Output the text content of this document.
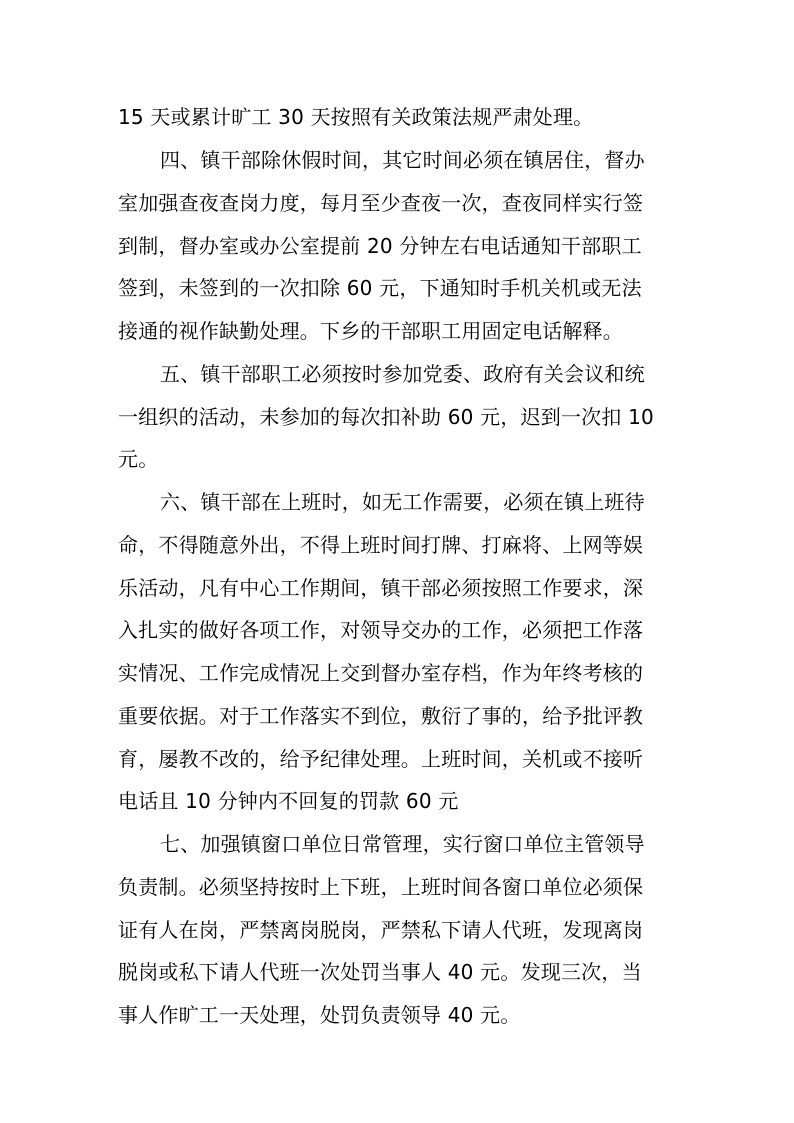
15 天或累计旷工 30 天按照有关政策法规严肃处理。
四、镇干部除休假时间，其它时间必须在镇居住，督办
室加强查夜查岗力度，每月至少查夜一次，查夜同样实行签
到制，督办室或办公室提前 20 分钟左右电话通知干部职工
签到，未签到的一次扣除 60 元，下通知时手机关机或无法
接通的视作缺勤处理。下乡的干部职工用固定电话解释。
五、镇干部职工必须按时参加党委、政府有关会议和统
一组织的活动，未参加的每次扣补助 60 元，迟到一次扣 10
元。
六、镇干部在上班时，如无工作需要，必须在镇上班待
命，不得随意外出，不得上班时间打牌、打麻将、上网等娱
乐活动，凡有中心工作期间，镇干部必须按照工作要求，深
入扎实的做好各项工作，对领导交办的工作，必须把工作落
实情况、工作完成情况上交到督办室存档，作为年终考核的
重要依据。对于工作落实不到位，敷衍了事的，给予批评教
育，屡教不改的，给予纪律处理。上班时间，关机或不接听
电话且 10 分钟内不回复的罚款 60 元
七、加强镇窗口单位日常管理，实行窗口单位主管领导
负责制。必须坚持按时上下班，上班时间各窗口单位必须保
证有人在岗，严禁离岗脱岗，严禁私下请人代班，发现离岗
脱岗或私下请人代班一次处罚当事人 40 元。发现三次，当
事人作旷工一天处理，处罚负责领导 40 元。
